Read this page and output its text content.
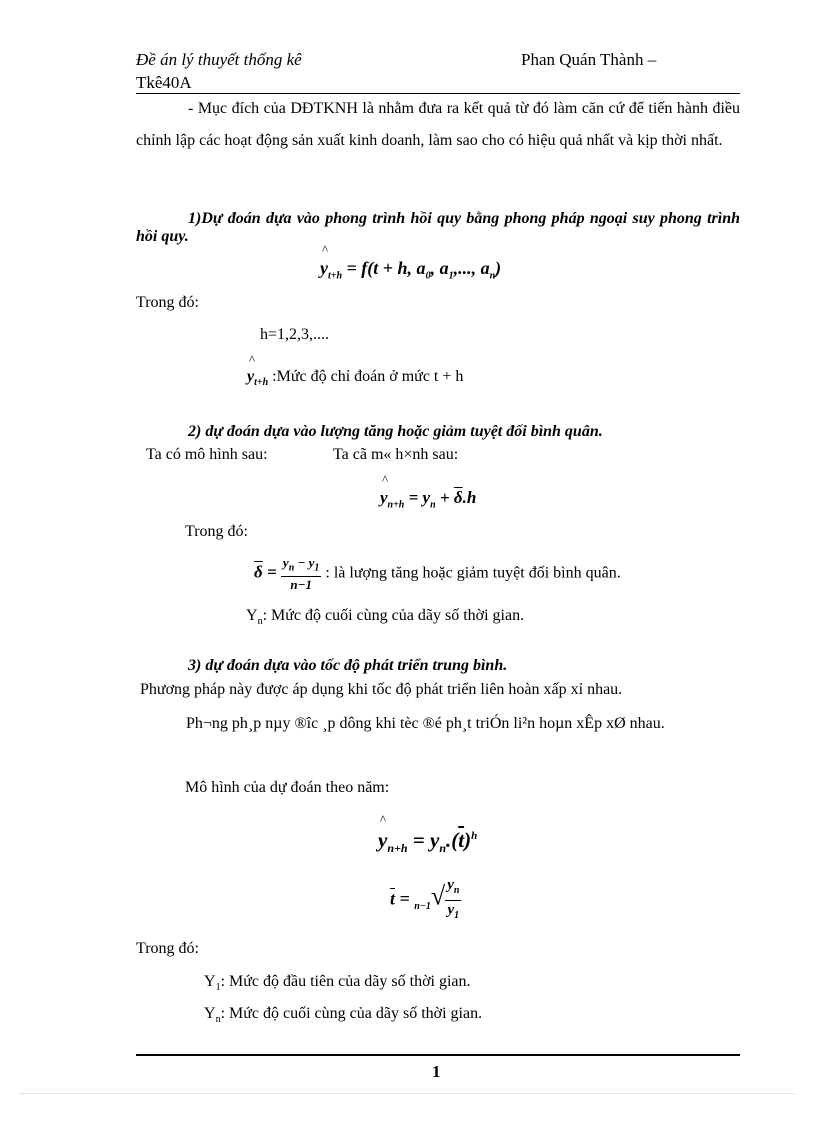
Đề án lý thuyết thống kê	Phan Quán Thành –
Tkê40A
- Mục đích của DĐTKNH là nhằm đưa ra kết quả từ đó làm căn cứ để tiến hành điều chỉnh lập các hoạt động sản xuất kinh doanh, làm sao cho có hiệu quả nhất và kịp thời nhất.
1)Dự đoán dựa vào phong trình hồi quy bằng phong pháp ngoại suy phong trình hồi quy.
^ $y_{t+h} = f(t + h$, $a_0$, $a_1$,..., $a_n$)
Trong đó:
h=1,2,3,....
^ $y_{t+h}$ :Mức độ chỉ đoán ở mức t + h
2) dự đoán dựa vào lượng tăng hoặc giảm tuyệt đối bình quân.
Ta có mô hình sau:	Ta cã m« h×nh sau:
^ $y_{n+h} = y_n + \overline{\delta}.h$
Trong đó:
$\overline{\delta} = \frac{y_n - y_1}{n-1}$ : là lượng tăng hoặc giảm tuyệt đối bình quân.
$Y_n$: Mức độ cuối cùng của dãy số thời gian.
3) dự đoán dựa vào tốc độ phát triển trung bình.
Phương pháp này được áp dụng khi tốc độ phát triển liên hoàn xấp xỉ nhau.
Ph¬ng ph¸p nµy ®îc ¸p dông khi tèc ®é ph¸t triÓn li²n hoµn xÊp xØ nhau.
Mô hình của dự đoán theo năm:
^ $y_{n+h} = y_n.(\overline{t})^h$
$\overline{t} = _{n-1}√ \frac{y_n}{y_1}$
Trong đó:
$Y_1$: Mức độ đầu tiên của dãy số thời gian.
$Y_n$: Mức độ cuối cùng của dãy số thời gian.
1
